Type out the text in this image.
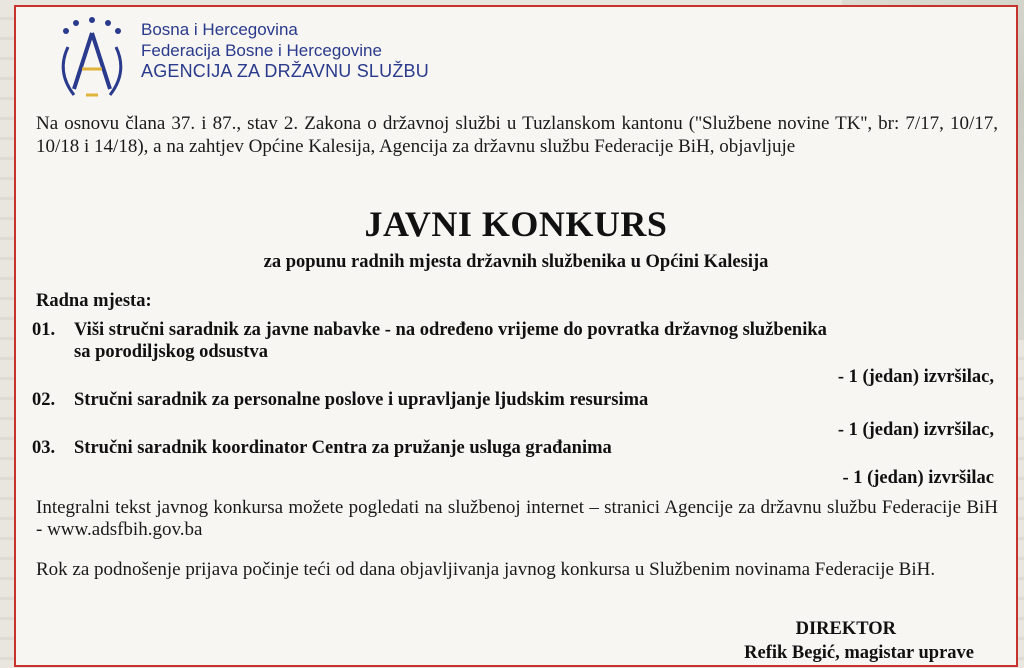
Bosna i Hercegovina
Federacija Bosne i Hercegovine
AGENCIJA ZA DRŽAVNU SLUŽBU
Na osnovu člana 37. i 87., stav 2. Zakona o državnoj službi u Tuzlanskom kantonu (''Službene novine TK'', br: 7/17, 10/17, 10/18 i 14/18), a na zahtjev Općine Kalesija, Agencija za državnu službu Federacije BiH, objavljuje
JAVNI KONKURS
za popunu radnih mjesta državnih službenika u Općini Kalesija
Radna mjesta:
01. Viši stručni saradnik za javne nabavke - na određeno vrijeme do povratka državnog službenika
sa porodiljskog odsustva
- 1 (jedan) izvršilac,
02. Stručni saradnik za personalne poslove i upravljanje ljudskim resursima
- 1 (jedan) izvršilac,
03. Stručni saradnik koordinator Centra za pružanje usluga građanima
- 1 (jedan) izvršilac
Integralni tekst javnog konkursa možete pogledati na službenoj internet – stranici Agencije za državnu službu Federacije BiH - www.adsfbih.gov.ba
Rok za podnošenje prijava počinje teći od dana objavljivanja javnog konkursa u Službenim novinama Federacije BiH.
DIREKTOR
Refik Begić, magistar uprave
